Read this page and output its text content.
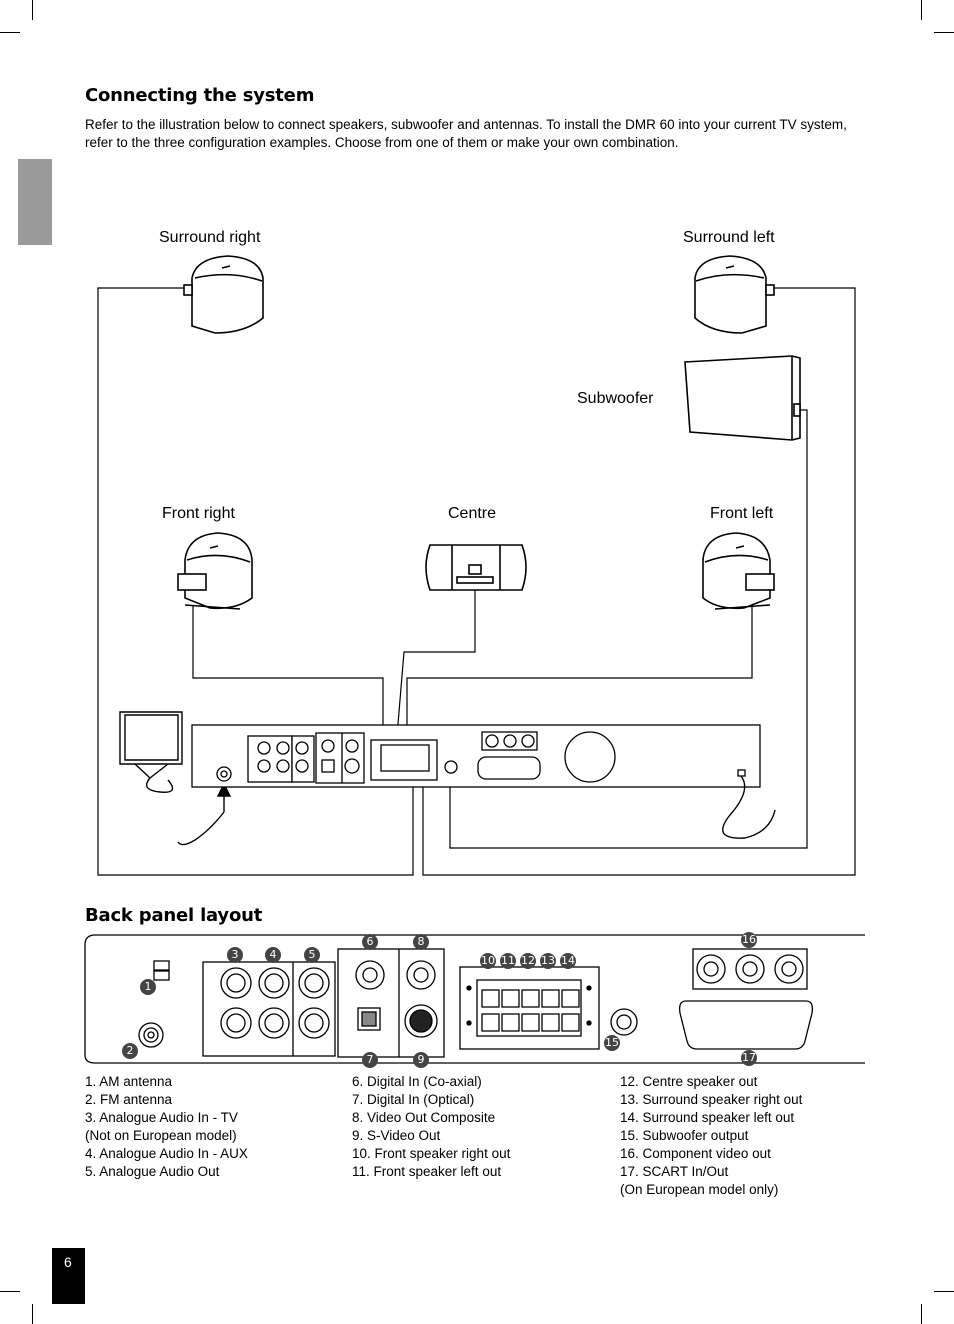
Connecting the system
Refer to the illustration below to connect speakers, subwoofer and antennas. To install the DMR 60 into your current TV system, refer to the three configuration examples. Choose from one of them or make your own combination.
Surround right	Surround left
Subwoofer
Front right	Centre	Front left
Back panel layout
1
2
3	4	5
6
7
8
9
10 11 12 13 14
15
16
17
1. AM antenna
2. FM antenna
3. Analogue Audio In - TV
(Not on European model)
4. Analogue Audio In - AUX
5. Analogue Audio Out
6. Digital In (Co-axial)
7. Digital In (Optical)
8. Video Out Composite
9. S-Video Out
10. Front speaker right out
11. Front speaker left out
12. Centre speaker out
13. Surround speaker right out
14. Surround speaker left out
15. Subwoofer output
16. Component video out
17. SCART In/Out
(On European model only)
6
